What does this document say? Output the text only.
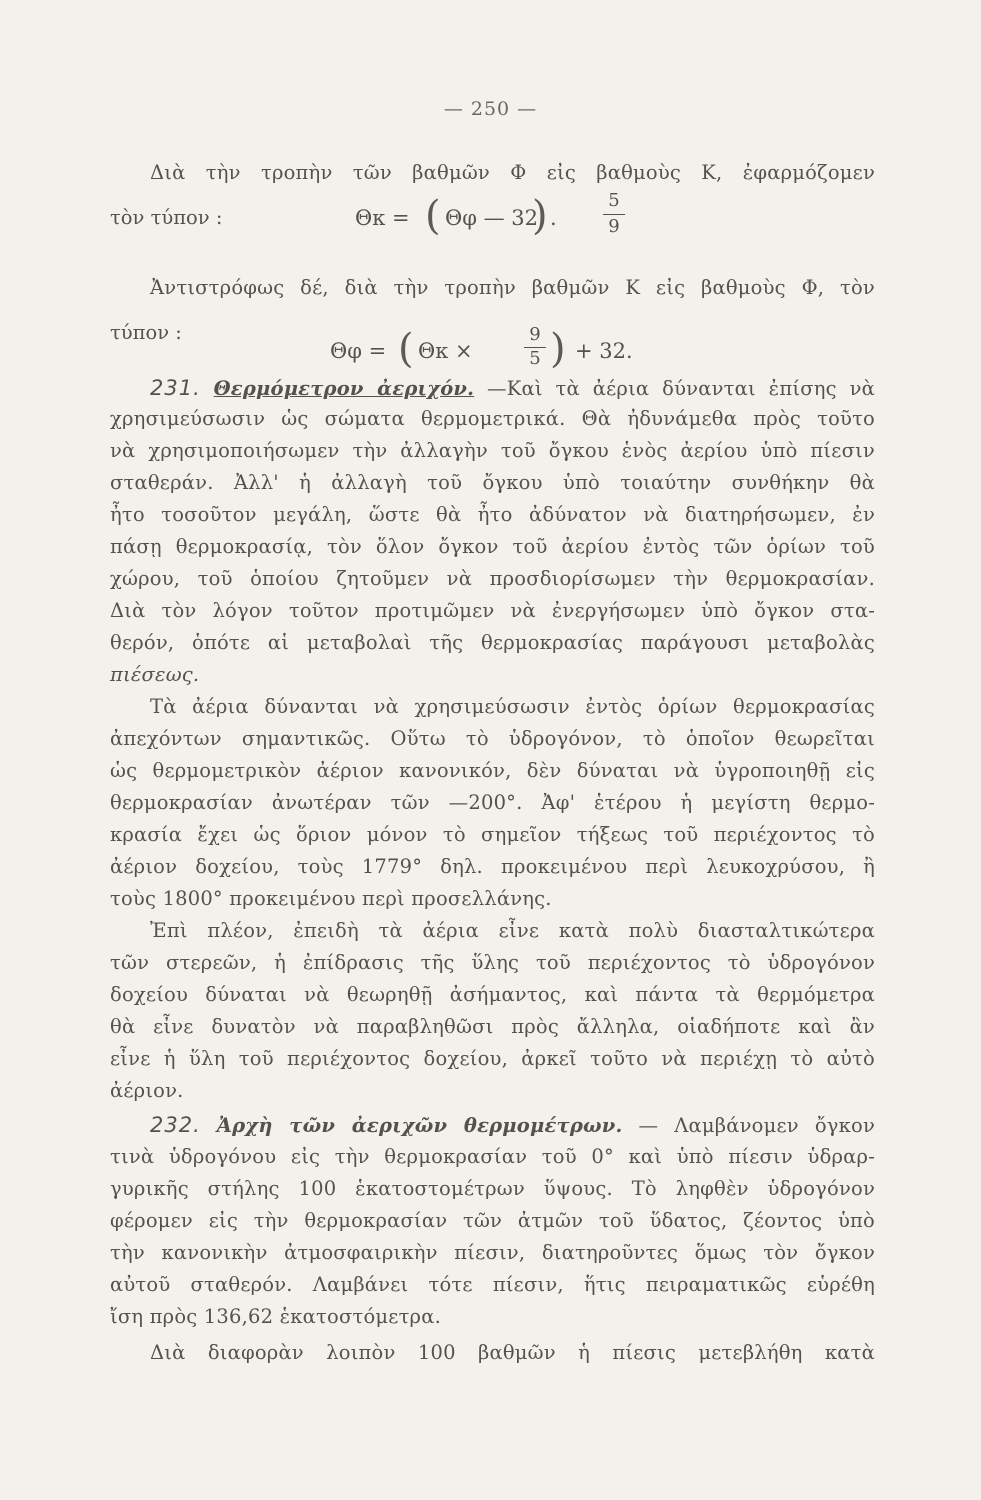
— 250 —
Διὰ τὴν τροπὴν τῶν βαθμῶν Φ εἰς βαθμοὺς Κ, ἐφαρμόζομεν
τὸν τύπον :	Θκ = ( Θφ — 32
) .
5
9
Ἀντιστρόφως δέ, διὰ τὴν τροπὴν βαθμῶν Κ εἰς βαθμοὺς Φ, τὸν
τύπον :
Θφ = ( Θκ ×
9
5 ) + 32.
231. Θερμόμετρον ἀεριχόν. —Καὶ τὰ ἀέρια δύνανται ἐπίσης νὰ
χρησιμεύσωσιν ὡς σώματα θερμομετρικά. Θὰ ἠδυνάμεθα πρὸς τοῦτο
νὰ χρησιμοποιήσωμεν τὴν ἀλλαγὴν τοῦ ὄγκου ἑνὸς ἀερίου ὑπὸ πίεσιν
σταθεράν. Ἀλλ' ἡ ἀλλαγὴ τοῦ ὄγκου ὑπὸ τοιαύτην συνθήκην θὰ
ἦτο τοσοῦτον μεγάλη, ὥστε θὰ ἦτο ἀδύνατον νὰ διατηρήσωμεν, ἐν
πάσῃ θερμοκρασίᾳ, τὸν ὅλον ὄγκον τοῦ ἀερίου ἐντὸς τῶν ὁρίων τοῦ
χώρου, τοῦ ὁποίου ζητοῦμεν νὰ προσδιορίσωμεν τὴν θερμοκρασίαν.
Διὰ τὸν λόγον τοῦτον προτιμῶμεν νὰ ἐνεργήσωμεν ὑπὸ ὄγκον στα-
θερόν, ὁπότε αἱ μεταβολαὶ τῆς θερμοκρασίας παράγουσι μεταβολὰς
πιέσεως.
Τὰ ἀέρια δύνανται νὰ χρησιμεύσωσιν ἐντὸς ὁρίων θερμοκρασίας
ἀπεχόντων σημαντικῶς. Οὕτω τὸ ὑδρογόνον, τὸ ὁποῖον θεωρεῖται
ὡς θερμομετρικὸν ἀέριον κανονικόν, δὲν δύναται νὰ ὑγροποιηθῇ εἰς
θερμοκρασίαν ἀνωτέραν τῶν —200°. Ἀφ' ἑτέρου ἡ μεγίστη θερμο-
κρασία ἔχει ὡς ὅριον μόνον τὸ σημεῖον τήξεως τοῦ περιέχοντος τὸ
ἀέριον δοχείου, τοὺς 1779° δηλ. προκειμένου περὶ λευκοχρύσου, ἢ
τοὺς 1800° προκειμένου περὶ προσελλάνης.
Ἐπὶ πλέον, ἐπειδὴ τὰ ἀέρια εἶνε κατὰ πολὺ διασταλτικώτερα
τῶν στερεῶν, ἡ ἐπίδρασις τῆς ὕλης τοῦ περιέχοντος τὸ ὑδρογόνον
δοχείου δύναται νὰ θεωρηθῇ ἀσήμαντος, καὶ πάντα τὰ θερμόμετρα
θὰ εἶνε δυνατὸν νὰ παραβληθῶσι πρὸς ἄλληλα, οἱαδήποτε καὶ ἂν
εἶνε ἡ ὕλη τοῦ περιέχοντος δοχείου, ἀρκεῖ τοῦτο νὰ περιέχῃ τὸ αὐτὸ
ἀέριον.
232. Ἀρχὴ τῶν ἀεριχῶν θερμομέτρων. — Λαμβάνομεν ὄγκον
τινὰ ὑδρογόνου εἰς τὴν θερμοκρασίαν τοῦ 0° καὶ ὑπὸ πίεσιν ὑδραρ-
γυρικῆς στήλης 100 ἑκατοστομέτρων ὕψους. Τὸ ληφθὲν ὑδρογόνον
φέρομεν εἰς τὴν θερμοκρασίαν τῶν ἀτμῶν τοῦ ὕδατος, ζέοντος ὑπὸ
τὴν κανονικὴν ἀτμοσφαιρικὴν πίεσιν, διατηροῦντες ὅμως τὸν ὄγκον
αὐτοῦ σταθερόν. Λαμβάνει τότε πίεσιν, ἥτις πειραματικῶς εὑρέθη
ἴση πρὸς 136,62 ἑκατοστόμετρα.
Διὰ διαφορὰν λοιπὸν 100 βαθμῶν ἡ πίεσις μετεβλήθη κατὰ
